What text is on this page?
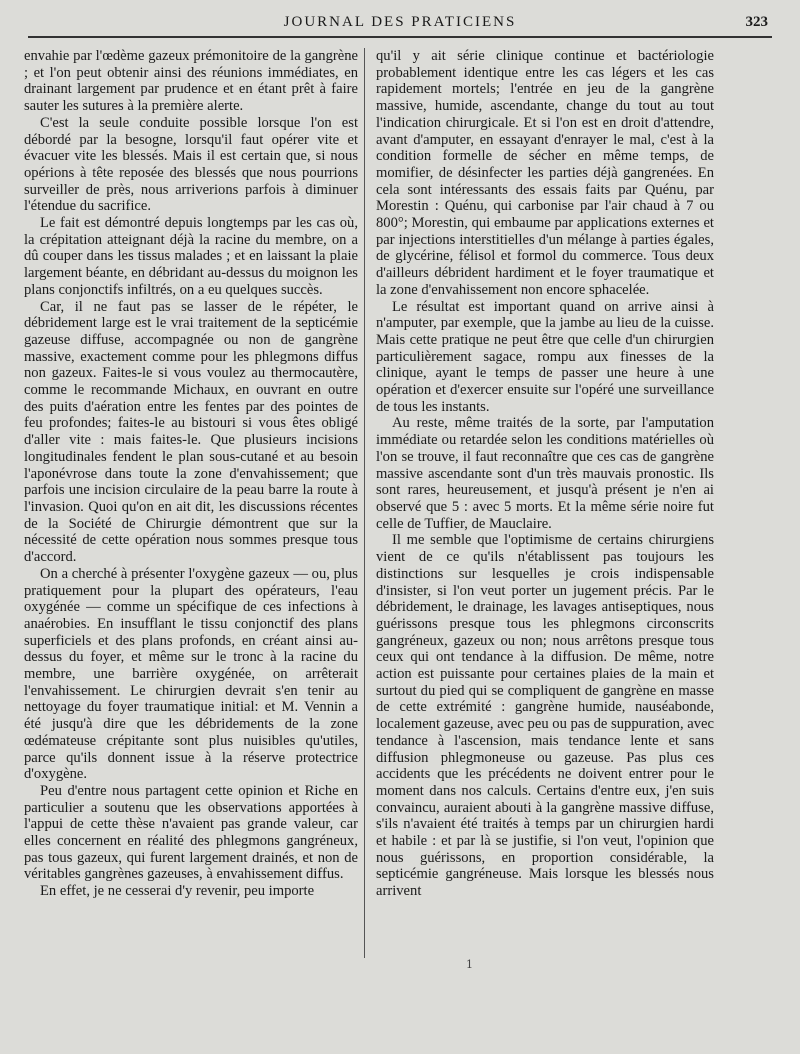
JOURNAL DES PRATICIENS	323

envahie par l'œdème gazeux prémonitoire de la gangrène ; et l'on peut obtenir ainsi des réunions immédiates, en drainant largement par prudence et en étant prêt à faire sauter les sutures à la première alerte.

C'est la seule conduite possible lorsque l'on est débordé par la besogne, lorsqu'il faut opérer vite et évacuer vite les blessés. Mais il est certain que, si nous opérions à tête reposée des blessés que nous pourrions surveiller de près, nous arriverions parfois à diminuer l'étendue du sacrifice.

Le fait est démontré depuis longtemps par les cas où, la crépitation atteignant déjà la racine du membre, on a dû couper dans les tissus malades ; et en laissant la plaie largement béante, en débridant au-dessus du moignon les plans conjonctifs infiltrés, on a eu quelques succès.

Car, il ne faut pas se lasser de le répéter, le débridement large est le vrai traitement de la septicémie gazeuse diffuse, accompagnée ou non de gangrène massive, exactement comme pour les phlegmons diffus non gazeux. Faites-le si vous voulez au thermocautère, comme le recommande Michaux, en ouvrant en outre des puits d'aération entre les fentes par des pointes de feu profondes; faites-le au bistouri si vous êtes obligé d'aller vite : mais faites-le. Que plusieurs incisions longitudinales fendent le plan sous-cutané et au besoin l'aponévrose dans toute la zone d'envahissement; que parfois une incision circulaire de la peau barre la route à l'invasion. Quoi qu'on en ait dit, les discussions récentes de la Société de Chirurgie démontrent que sur la nécessité de cette opération nous sommes presque tous d'accord.

On a cherché à présenter l'oxygène gazeux — ou, plus pratiquement pour la plupart des opérateurs, l'eau oxygénée — comme un spécifique de ces infections à anaérobies. En insufflant le tissu conjonctif des plans superficiels et des plans profonds, en créant ainsi au-dessus du foyer, et même sur le tronc à la racine du membre, une barrière oxygénée, on arrêterait l'envahissement. Le chirurgien devrait s'en tenir au nettoyage du foyer traumatique initial: et M. Vennin a été jusqu'à dire que les débridements de la zone œdémateuse crépitante sont plus nuisibles qu'utiles, parce qu'ils donnent issue à la réserve protectrice d'oxygène.

Peu d'entre nous partagent cette opinion et Riche en particulier a soutenu que les observations apportées à l'appui de cette thèse n'avaient pas grande valeur, car elles concernent en réalité des phlegmons gangréneux, pas tous gazeux, qui furent largement drainés, et non de véritables gangrènes gazeuses, à envahissement diffus.

En effet, je ne cesserai d'y revenir, peu importe

qu'il y ait série clinique continue et bactériologie probablement identique entre les cas légers et les cas rapidement mortels; l'entrée en jeu de la gangrène massive, humide, ascendante, change du tout au tout l'indication chirurgicale. Et si l'on est en droit d'attendre, avant d'amputer, en essayant d'enrayer le mal, c'est à la condition formelle de sécher en même temps, de momifier, de désinfecter les parties déjà gangrenées. En cela sont intéressants des essais faits par Quénu, par Morestin : Quénu, qui carbonise par l'air chaud à 7 ou 800°; Morestin, qui embaume par applications externes et par injections interstitielles d'un mélange à parties égales, de glycérine, félisol et formol du commerce. Tous deux d'ailleurs débrident hardiment et le foyer traumatique et la zone d'envahissement non encore sphacelée.

Le résultat est important quand on arrive ainsi à n'amputer, par exemple, que la jambe au lieu de la cuisse. Mais cette pratique ne peut être que celle d'un chirurgien particulièrement sagace, rompu aux finesses de la clinique, ayant le temps de passer une heure à une opération et d'exercer ensuite sur l'opéré une surveillance de tous les instants.

Au reste, même traités de la sorte, par l'amputation immédiate ou retardée selon les conditions matérielles où l'on se trouve, il faut reconnaître que ces cas de gangrène massive ascendante sont d'un très mauvais pronostic. Ils sont rares, heureusement, et jusqu'à présent je n'en ai observé que 5 : avec 5 morts. Et la même série noire fut celle de Tuffier, de Mauclaire.

Il me semble que l'optimisme de certains chirurgiens vient de ce qu'ils n'établissent pas toujours les distinctions sur lesquelles je crois indispensable d'insister, si l'on veut porter un jugement précis. Par le débridement, le drainage, les lavages antiseptiques, nous guérissons presque tous les phlegmons circonscrits gangréneux, gazeux ou non; nous arrêtons presque tous ceux qui ont tendance à la diffusion. De même, notre action est puissante pour certaines plaies de la main et surtout du pied qui se compliquent de gangrène en masse de cette extrémité : gangrène humide, nauséabonde, localement gazeuse, avec peu ou pas de suppuration, avec tendance à l'ascension, mais tendance lente et sans diffusion phlegmoneuse ou gazeuse. Pas plus ces accidents que les précédents ne doivent entrer pour le moment dans nos calculs. Certains d'entre eux, j'en suis convaincu, auraient abouti à la gangrène massive diffuse, s'ils n'avaient été traités à temps par un chirurgien hardi et habile : et par là se justifie, si l'on veut, l'opinion que nous guérissons, en proportion considérable, la septicémie gangréneuse. Mais lorsque les blessés nous arrivent

1
